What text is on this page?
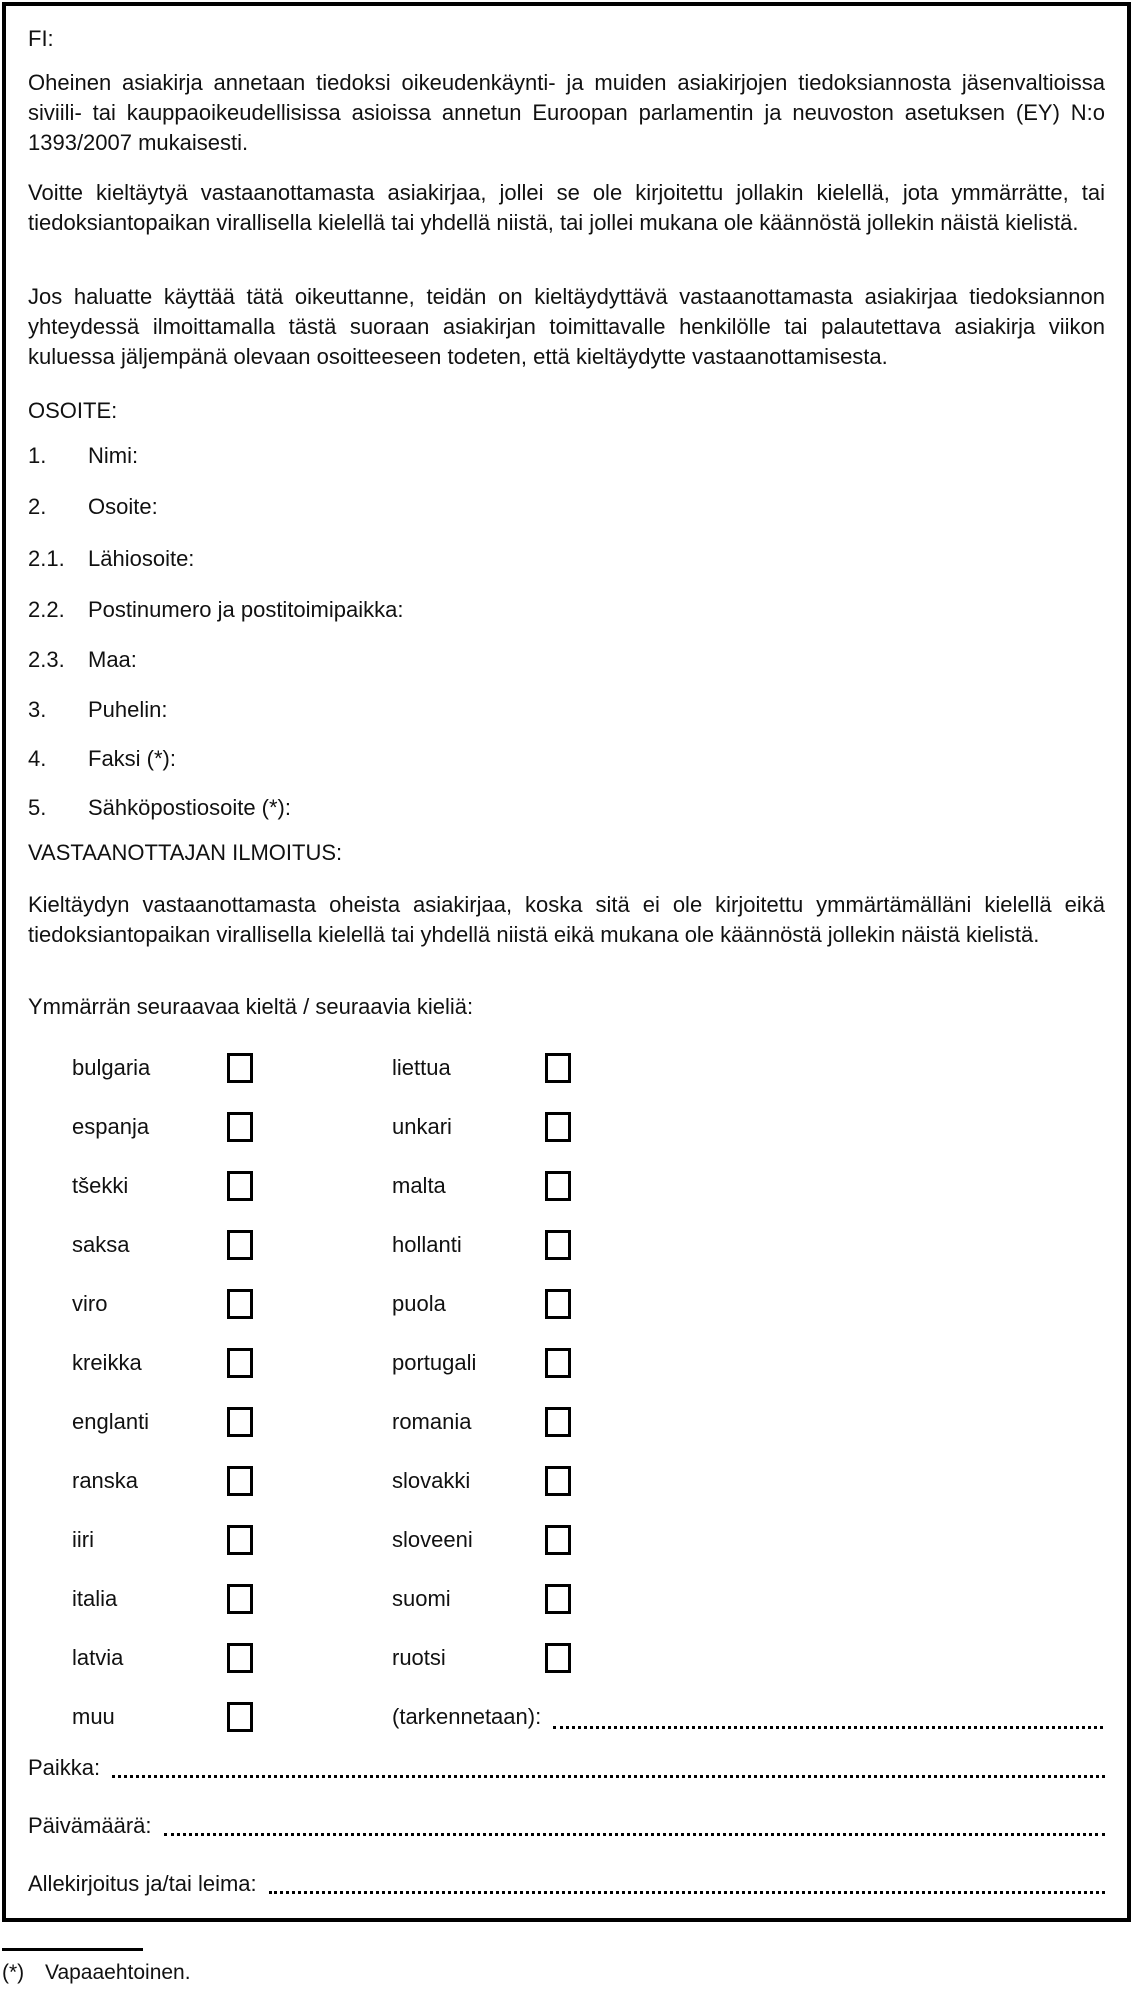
FI:
Oheinen asiakirja annetaan tiedoksi oikeudenkäynti- ja muiden asiakirjojen tiedoksiannosta jäsenvaltioissa siviili- tai kauppaoikeudellisissa asioissa annetun Euroopan parlamentin ja neuvoston asetuksen (EY) N:o 1393/2007 mukaisesti.
Voitte kieltäytyä vastaanottamasta asiakirjaa, jollei se ole kirjoitettu jollakin kielellä, jota ymmärrätte, tai tiedoksiantopaikan virallisella kielellä tai yhdellä niistä, tai jollei mukana ole käännöstä jollekin näistä kielistä.
Jos haluatte käyttää tätä oikeuttanne, teidän on kieltäydyttävä vastaanottamasta asiakirjaa tiedoksiannon yhteydessä ilmoittamalla tästä suoraan asiakirjan toimittavalle henkilölle tai palautettava asiakirja viikon kuluessa jäljempänä olevaan osoitteeseen todeten, että kieltäydytte vastaanottamisesta.
OSOITE:
1.	Nimi:
2.	Osoite:
2.1.	Lähiosoite:
2.2.	Postinumero ja postitoimipaikka:
2.3.	Maa:
3.	Puhelin:
4.	Faksi (*):
5.	Sähköpostiosoite (*):
VASTAANOTTAJAN ILMOITUS:
Kieltäydyn vastaanottamasta oheista asiakirjaa, koska sitä ei ole kirjoitettu ymmärtämälläni kielellä eikä tiedoksiantopaikan virallisella kielellä tai yhdellä niistä eikä mukana ole käännöstä jollekin näistä kielistä.
Ymmärrän seuraavaa kieltä / seuraavia kieliä:
bulgaria	liettua
espanja	unkari
tšekki	malta
saksa	hollanti
viro	puola
kreikka	portugali
englanti	romania
ranska	slovakki
iiri	sloveeni
italia	suomi
latvia	ruotsi
muu	(tarkennetaan):
Paikka:
Päivämäärä:
Allekirjoitus ja/tai leima:
(*) Vapaaehtoinen.
